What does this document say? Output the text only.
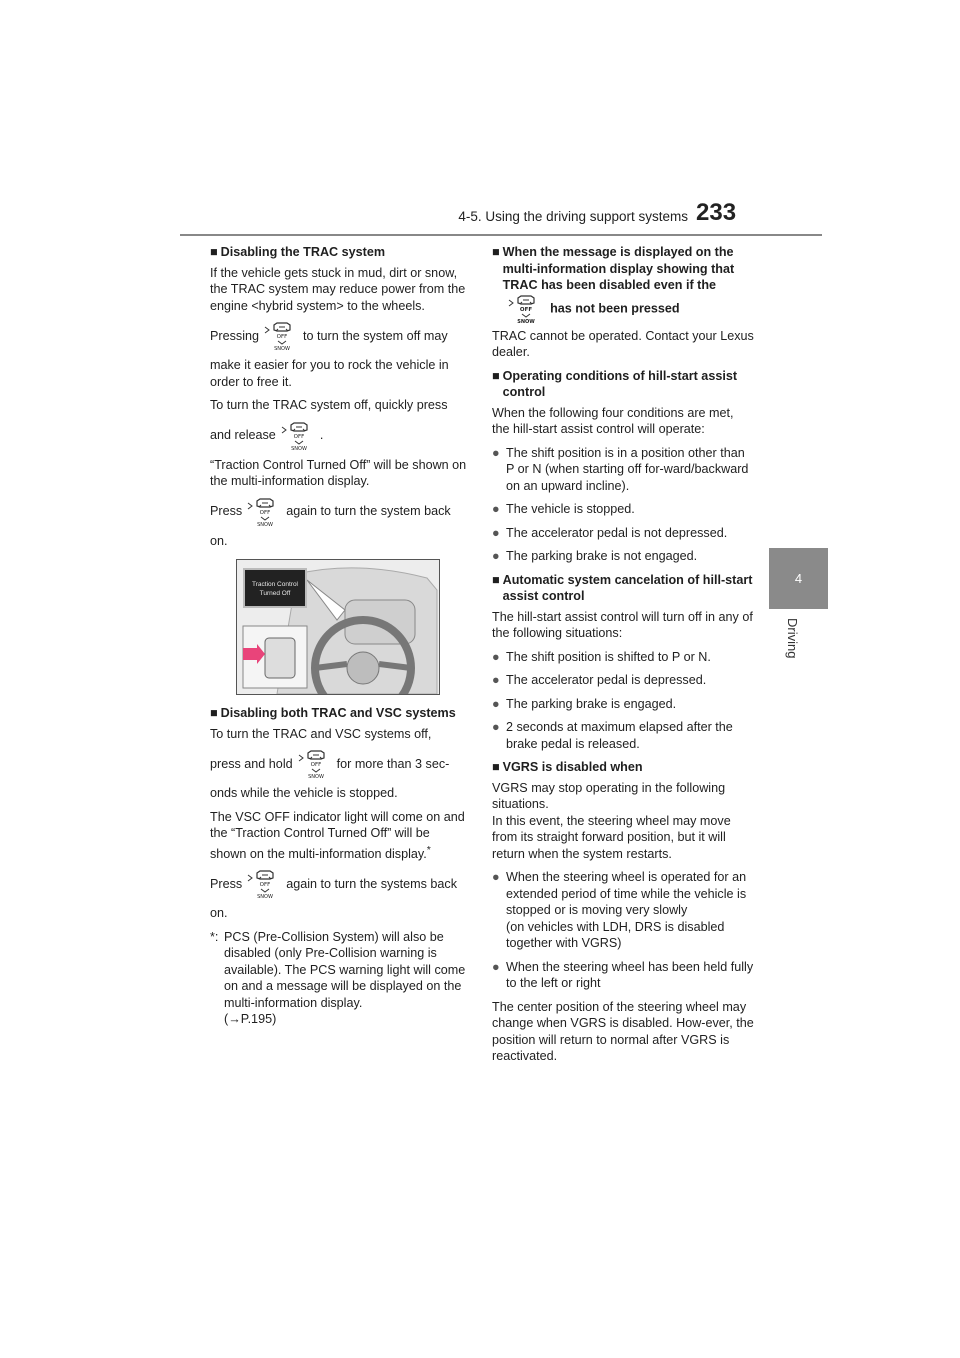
4-5. Using the driving support systems 233
4
Driving
■ Disabling the TRAC system
If the vehicle gets stuck in mud, dirt or snow, the TRAC system may reduce power from the engine <hybrid system> to the wheels.
Pressing	to turn the system off may
make it easier for you to rock the vehicle in order to free it.
To turn the TRAC system off, quickly press
and release	.
“Traction Control Turned Off” will be shown on the multi-information display.
Press	again to turn the system back
on.
Traction Control
Turned Off
■ Disabling both TRAC and VSC systems
To turn the TRAC and VSC systems off,
press and hold	for more than 3 sec-
onds while the vehicle is stopped.
The VSC OFF indicator light will come on and the “Traction Control Turned Off” will be shown on the multi-information display.*
Press	again to turn the systems back
on.
*: PCS (Pre-Collision System) will also be disabled (only Pre-Collision warning is available). The PCS warning light will come on and a message will be displayed on the multi-information display.
(→P.195)
■ When the message is displayed on the multi-information display showing that TRAC has been disabled even if the

has not been pressed
TRAC cannot be operated. Contact your Lexus dealer.
■ Operating conditions of hill-start assist control
When the following four conditions are met, the hill-start assist control will operate:
● The shift position is in a position other than P or N (when starting off for-ward/backward on an upward incline).
● The vehicle is stopped.
● The accelerator pedal is not depressed.
● The parking brake is not engaged.
■ Automatic system cancelation of hill-start assist control
The hill-start assist control will turn off in any of the following situations:
● The shift position is shifted to P or N.
● The accelerator pedal is depressed.
● The parking brake is engaged.
● 2 seconds at maximum elapsed after the brake pedal is released.
■ VGRS is disabled when
VGRS may stop operating in the following situations.
In this event, the steering wheel may move from its straight forward position, but it will return when the system restarts.
● When the steering wheel is operated for an extended period of time while the vehicle is stopped or is moving very slowly
(on vehicles with LDH, DRS is disabled together with VGRS)
● When the steering wheel has been held fully to the left or right
The center position of the steering wheel may change when VGRS is disabled. How-ever, the position will return to normal after VGRS is reactivated.
